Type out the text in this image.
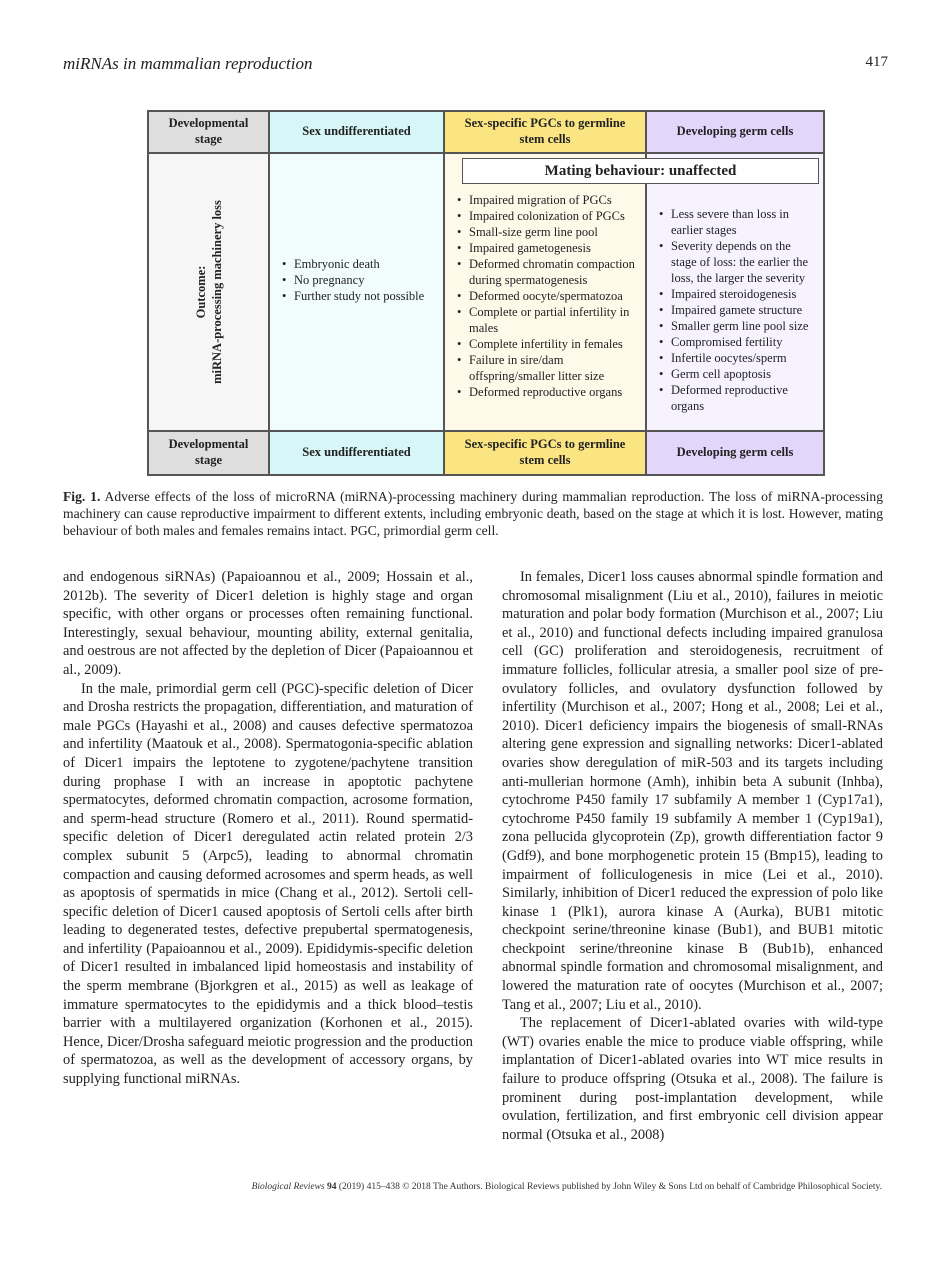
miRNAs in mammalian reproduction	417
Developmental stage
Sex undifferentiated
Sex-specific PGCs to germline stem cells
Developing germ cells
Outcome: miRNA-processing machinery loss	• Embryonic death
• No pregnancy
• Further study not possible
• Impaired migration of PGCs
• Impaired colonization of PGCs
• Small-size germ line pool
• Impaired gametogenesis
• Deformed chromatin compaction during spermatogenesis
• Deformed oocyte/spermatozoa
• Complete or partial infertility in males
• Complete infertility in females
• Failure in sire/dam offspring/smaller litter size
• Deformed reproductive organs
• Less severe than loss in earlier stages
• Severity depends on the stage of loss: the earlier the loss, the larger the severity
• Impaired steroidogenesis
• Impaired gamete structure
• Smaller germ line pool size
• Compromised fertility
• Infertile oocytes/sperm
• Germ cell apoptosis
• Deformed reproductive organs
Developmental stage
Sex undifferentiated
Sex-specific PGCs to germline stem cells
Developing germ cells
Mating behaviour: unaffected
Fig. 1. Adverse effects of the loss of microRNA (miRNA)-processing machinery during mammalian reproduction. The loss of miRNA-processing machinery can cause reproductive impairment to different extents, including embryonic death, based on the stage at which it is lost. However, mating behaviour of both males and females remains intact. PGC, primordial germ cell.

and endogenous siRNAs) (Papaioannou et al., 2009; Hossain et al., 2012b). The severity of Dicer1 deletion is highly stage and organ specific, with other organs or processes often remaining functional. Interestingly, sexual behaviour, mounting ability, external genitalia, and oestrous are not affected by the depletion of Dicer (Papaioannou et al., 2009).

In the male, primordial germ cell (PGC)-specific deletion of Dicer and Drosha restricts the propagation, differentiation, and maturation of male PGCs (Hayashi et al., 2008) and causes defective spermatozoa and infertility (Maatouk et al., 2008). Spermatogonia-specific ablation of Dicer1 impairs the leptotene to zygotene/pachytene transition during prophase I with an increase in apoptotic pachytene spermatocytes, deformed chromatin compaction, acrosome formation, and sperm-head structure (Romero et al., 2011). Round spermatid-specific deletion of Dicer1 deregulated actin related protein 2/3 complex subunit 5 (Arpc5), leading to abnormal chromatin compaction and causing deformed acrosomes and sperm heads, as well as apoptosis of spermatids in mice (Chang et al., 2012). Sertoli cell-specific deletion of Dicer1 caused apoptosis of Sertoli cells after birth leading to degenerated testes, defective prepubertal spermatogenesis, and infertility (Papaioannou et al., 2009). Epididymis-specific deletion of Dicer1 resulted in imbalanced lipid homeostasis and instability of the sperm membrane (Bjorkgren et al., 2015) as well as leakage of immature spermatocytes to the epididymis and a thick blood–testis barrier with a multilayered organization (Korhonen et al., 2015). Hence, Dicer/Drosha safeguard meiotic progression and the production of spermatozoa, as well as the development of accessory organs, by supplying functional miRNAs.

In females, Dicer1 loss causes abnormal spindle formation and chromosomal misalignment (Liu et al., 2010), failures in meiotic maturation and polar body formation (Murchison et al., 2007; Liu et al., 2010) and functional defects including impaired granulosa cell (GC) proliferation and steroidogenesis, recruitment of immature follicles, follicular atresia, a smaller pool size of pre-ovulatory follicles, and ovulatory dysfunction followed by infertility (Murchison et al., 2007; Hong et al., 2008; Lei et al., 2010). Dicer1 deficiency impairs the biogenesis of small-RNAs altering gene expression and signalling networks: Dicer1-ablated ovaries show deregulation of miR-503 and its targets including anti-mullerian hormone (Amh), inhibin beta A subunit (Inhba), cytochrome P450 family 17 subfamily A member 1 (Cyp17a1), cytochrome P450 family 19 subfamily A member 1 (Cyp19a1), zona pellucida glycoprotein (Zp), growth differentiation factor 9 (Gdf9), and bone morphogenetic protein 15 (Bmp15), leading to impairment of folliculogenesis in mice (Lei et al., 2010). Similarly, inhibition of Dicer1 reduced the expression of polo like kinase 1 (Plk1), aurora kinase A (Aurka), BUB1 mitotic checkpoint serine/threonine kinase (Bub1), and BUB1 mitotic checkpoint serine/threonine kinase B (Bub1b), enhanced abnormal spindle formation and chromosomal misalignment, and lowered the maturation rate of oocytes (Murchison et al., 2007; Tang et al., 2007; Liu et al., 2010).

The replacement of Dicer1-ablated ovaries with wild-type (WT) ovaries enable the mice to produce viable offspring, while implantation of Dicer1-ablated ovaries into WT mice results in failure to produce offspring (Otsuka et al., 2008). The failure is prominent during post-implantation development, while ovulation, fertilization, and first embryonic cell division appear normal (Otsuka et al., 2008)

Biological Reviews 94 (2019) 415–438 © 2018 The Authors. Biological Reviews published by John Wiley & Sons Ltd on behalf of Cambridge Philosophical Society.
